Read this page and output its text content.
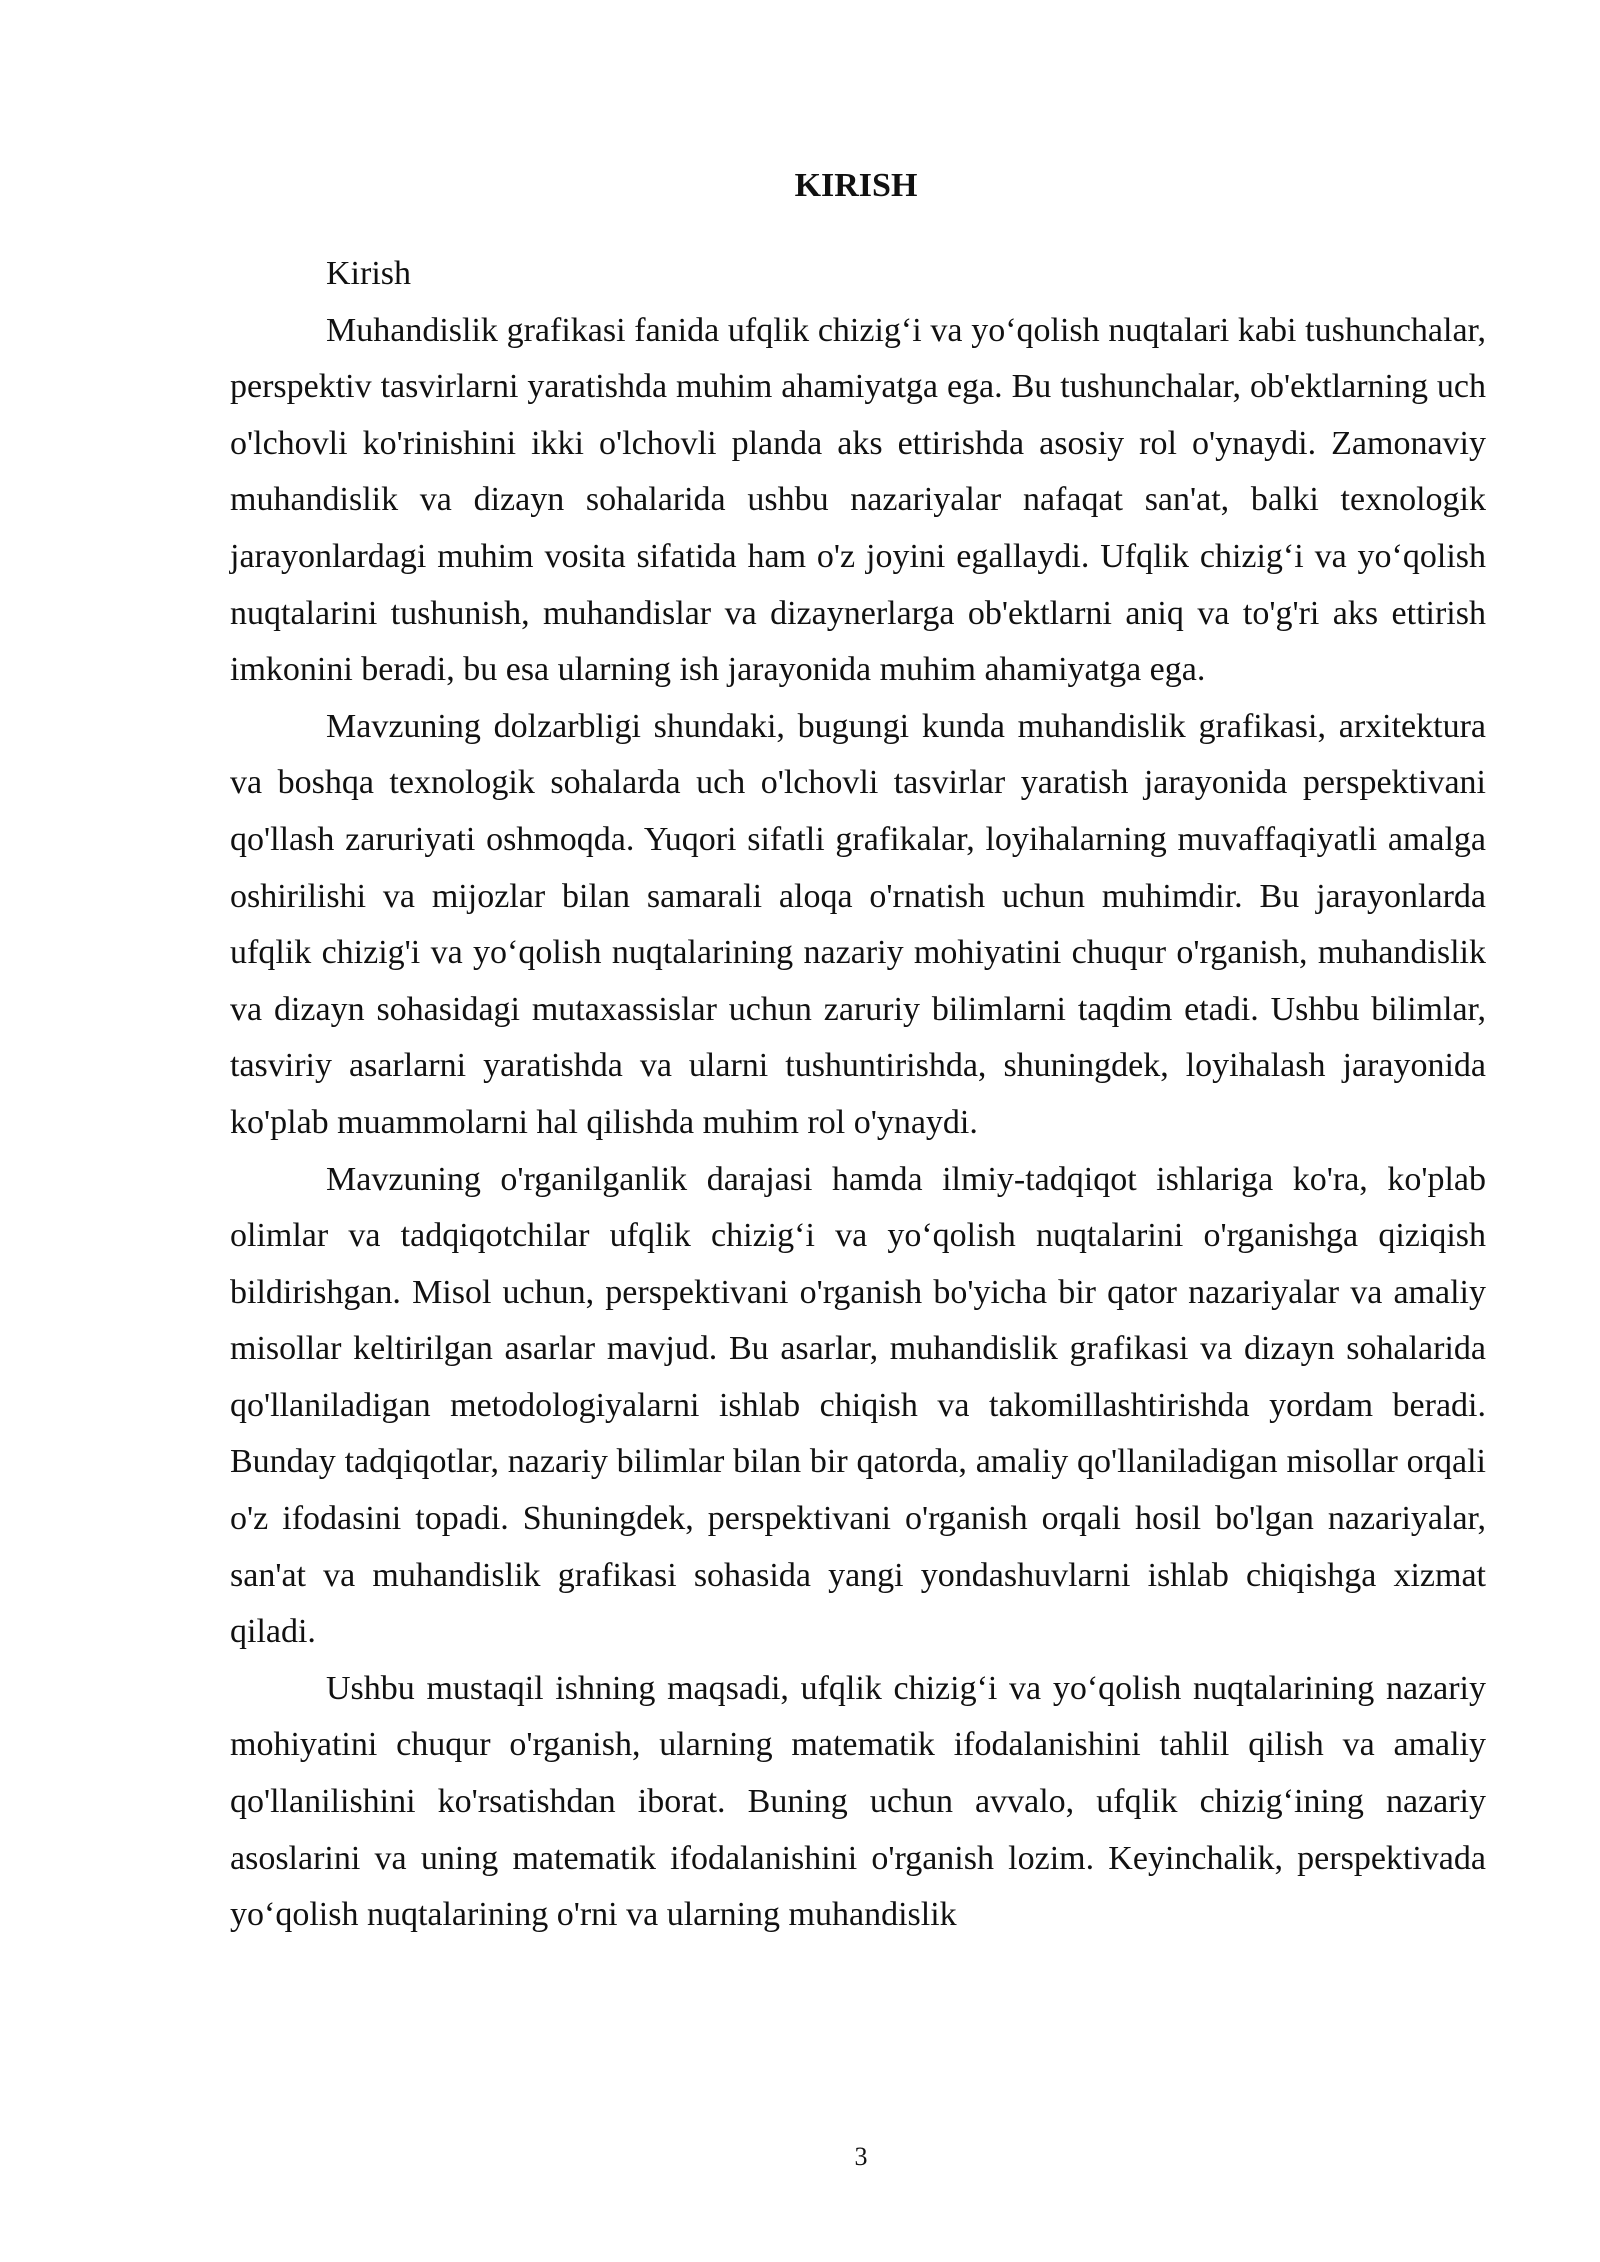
KIRISH

Kirish

Muhandislik grafikasi fanida ufqlik chizig‘i va yo‘qolish nuqtalari kabi tushunchalar, perspektiv tasvirlarni yaratishda muhim ahamiyatga ega. Bu tushunchalar, ob'ektlarning uch o'lchovli ko'rinishini ikki o'lchovli planda aks ettirishda asosiy rol o'ynaydi. Zamonaviy muhandislik va dizayn sohalarida ushbu nazariyalar nafaqat san'at, balki texnologik jarayonlardagi muhim vosita sifatida ham o'z joyini egallaydi. Ufqlik chizig‘i va yo‘qolish nuqtalarini tushunish, muhandislar va dizaynerlarga ob'ektlarni aniq va to'g'ri aks ettirish imkonini beradi, bu esa ularning ish jarayonida muhim ahamiyatga ega.

Mavzuning dolzarbligi shundaki, bugungi kunda muhandislik grafikasi, arxitektura va boshqa texnologik sohalarda uch o'lchovli tasvirlar yaratish jarayonida perspektivani qo'llash zaruriyati oshmoqda. Yuqori sifatli grafikalar, loyihalarning muvaffaqiyatli amalga oshirilishi va mijozlar bilan samarali aloqa o'rnatish uchun muhimdir. Bu jarayonlarda ufqlik chizig'i va yo‘qolish nuqtalarining nazariy mohiyatini chuqur o'rganish, muhandislik va dizayn sohasidagi mutaxassislar uchun zaruriy bilimlarni taqdim etadi. Ushbu bilimlar, tasviriy asarlarni yaratishda va ularni tushuntirishda, shuningdek, loyihalash jarayonida ko'plab muammolarni hal qilishda muhim rol o'ynaydi.

Mavzuning o'rganilganlik darajasi hamda ilmiy-tadqiqot ishlariga ko'ra, ko'plab olimlar va tadqiqotchilar ufqlik chizig‘i va yo‘qolish nuqtalarini o'rganishga qiziqish bildirishgan. Misol uchun, perspektivani o'rganish bo'yicha bir qator nazariyalar va amaliy misollar keltirilgan asarlar mavjud. Bu asarlar, muhandislik grafikasi va dizayn sohalarida qo'llaniladigan metodologiyalarni ishlab chiqish va takomillashtirishda yordam beradi. Bunday tadqiqotlar, nazariy bilimlar bilan bir qatorda, amaliy qo'llaniladigan misollar orqali o'z ifodasini topadi. Shuningdek, perspektivani o'rganish orqali hosil bo'lgan nazariyalar, san'at va muhandislik grafikasi sohasida yangi yondashuvlarni ishlab chiqishga xizmat qiladi.

Ushbu mustaqil ishning maqsadi, ufqlik chizig‘i va yo‘qolish nuqtalarining nazariy mohiyatini chuqur o'rganish, ularning matematik ifodalanishini tahlil qilish va amaliy qo'llanilishini ko'rsatishdan iborat. Buning uchun avvalo, ufqlik chizig‘ining nazariy asoslarini va uning matematik ifodalanishini o'rganish lozim. Keyinchalik, perspektivada yo‘qolish nuqtalarining o'rni va ularning muhandislik

3
